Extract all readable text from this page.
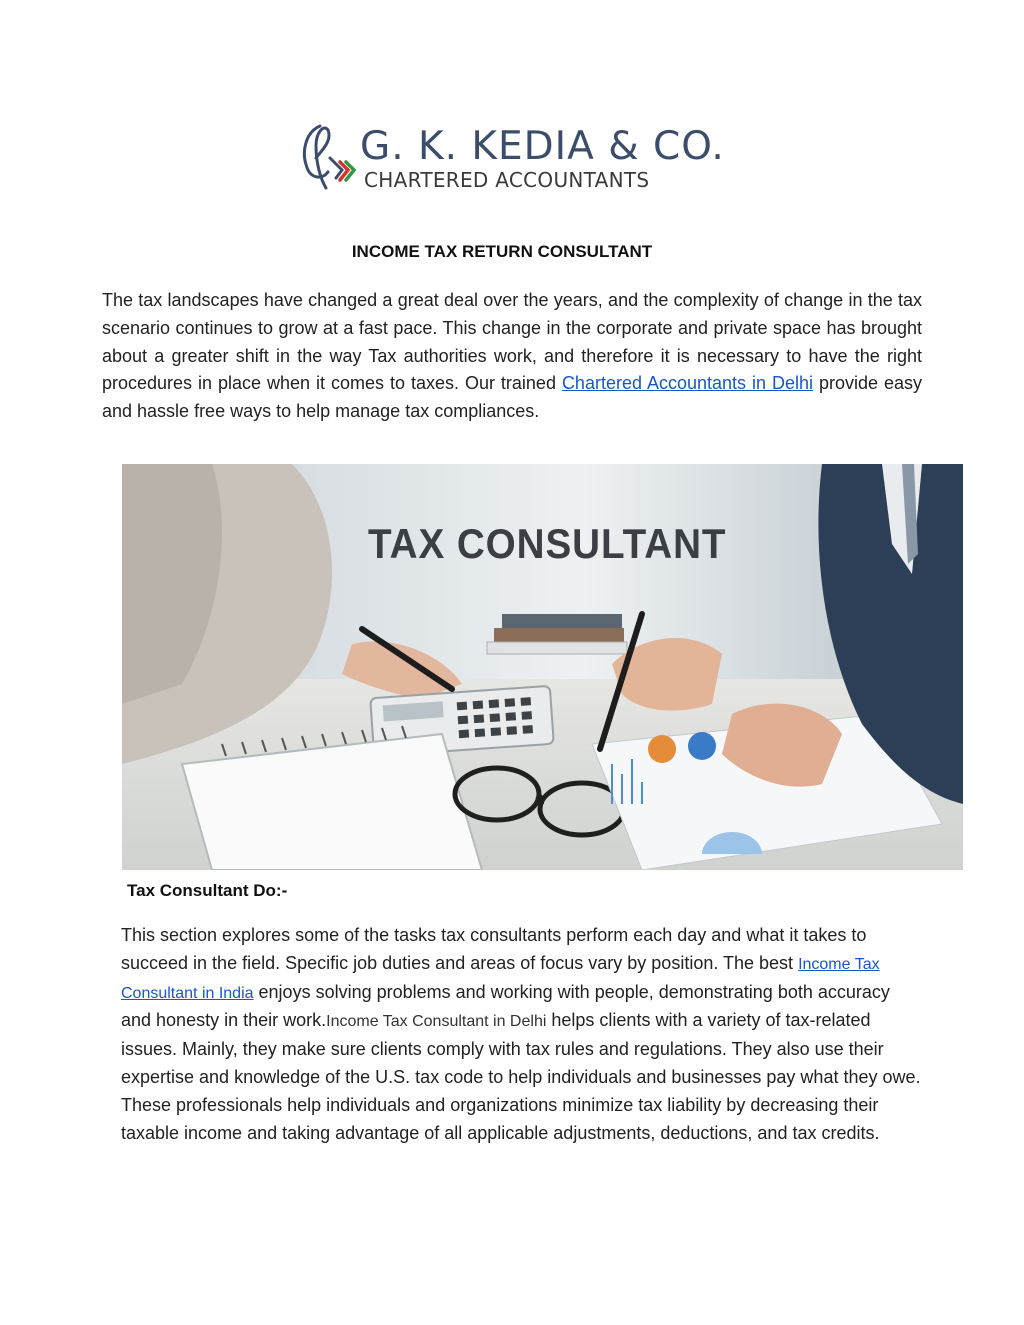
G. K. KEDIA & CO.
CHARTERED ACCOUNTANTS
INCOME TAX RETURN CONSULTANT

The tax landscapes have changed a great deal over the years, and the complexity of change in the tax scenario continues to grow at a fast pace. This change in the corporate and private space has brought about a greater shift in the way Tax authorities work, and therefore it is necessary to have the right procedures in place when it comes to taxes. Our trained Chartered Accountants in Delhi provide easy and hassle free ways to help manage tax compliances.

TAX CONSULTANT
Tax Consultant Do:-

This section explores some of the tasks tax consultants perform each day and what it takes to succeed in the field. Specific job duties and areas of focus vary by position. The best Income Tax Consultant in India enjoys solving problems and working with people, demonstrating both accuracy and honesty in their work.Income Tax Consultant in Delhi helps clients with a variety of tax-related issues. Mainly, they make sure clients comply with tax rules and regulations. They also use their expertise and knowledge of the U.S. tax code to help individuals and businesses pay what they owe. These professionals help individuals and organizations minimize tax liability by decreasing their taxable income and taking advantage of all applicable adjustments, deductions, and tax credits.
